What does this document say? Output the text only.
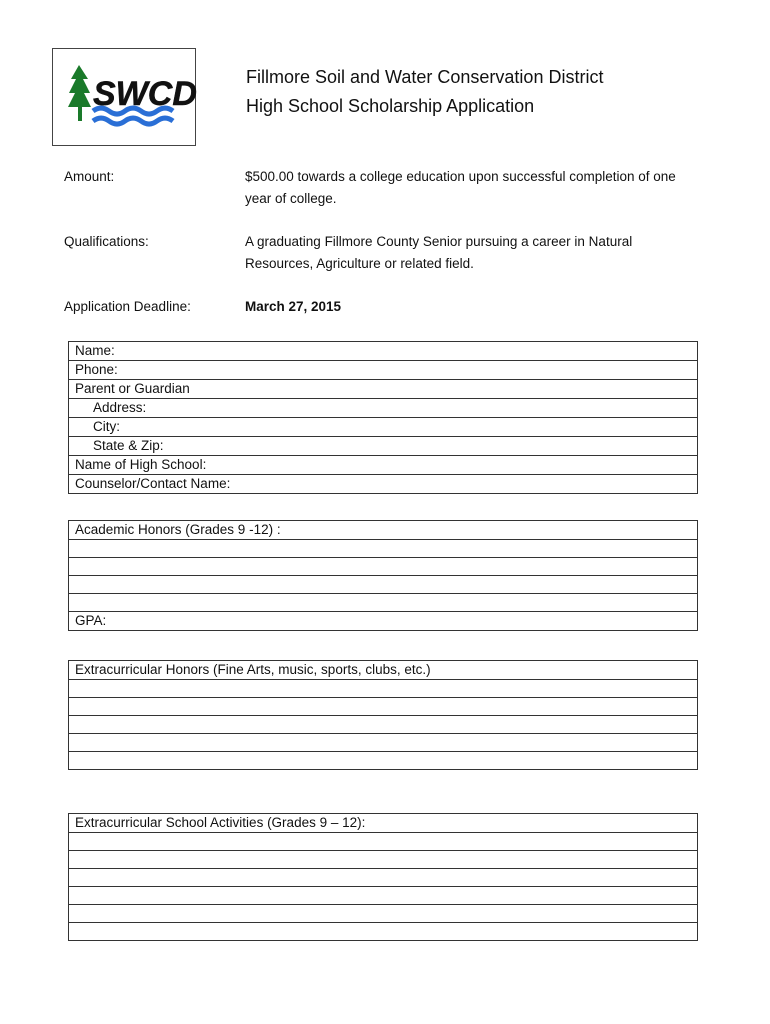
SWCD	Fillmore Soil and Water Conservation District
High School Scholarship Application
Amount:	$500.00 towards a college education upon successful completion of one
year of college.
Qualifications:	A graduating Fillmore County Senior pursuing a career in Natural
Resources, Agriculture or related field.
Application Deadline:	March 27, 2015
Name:
Phone:
Parent or Guardian
Address:
City:
State & Zip:
Name of High School:
Counselor/Contact Name:
Academic Honors (Grades 9 -12) :

GPA:
Extracurricular Honors (Fine Arts, music, sports, clubs, etc.)

Extracurricular School Activities (Grades 9 – 12):
